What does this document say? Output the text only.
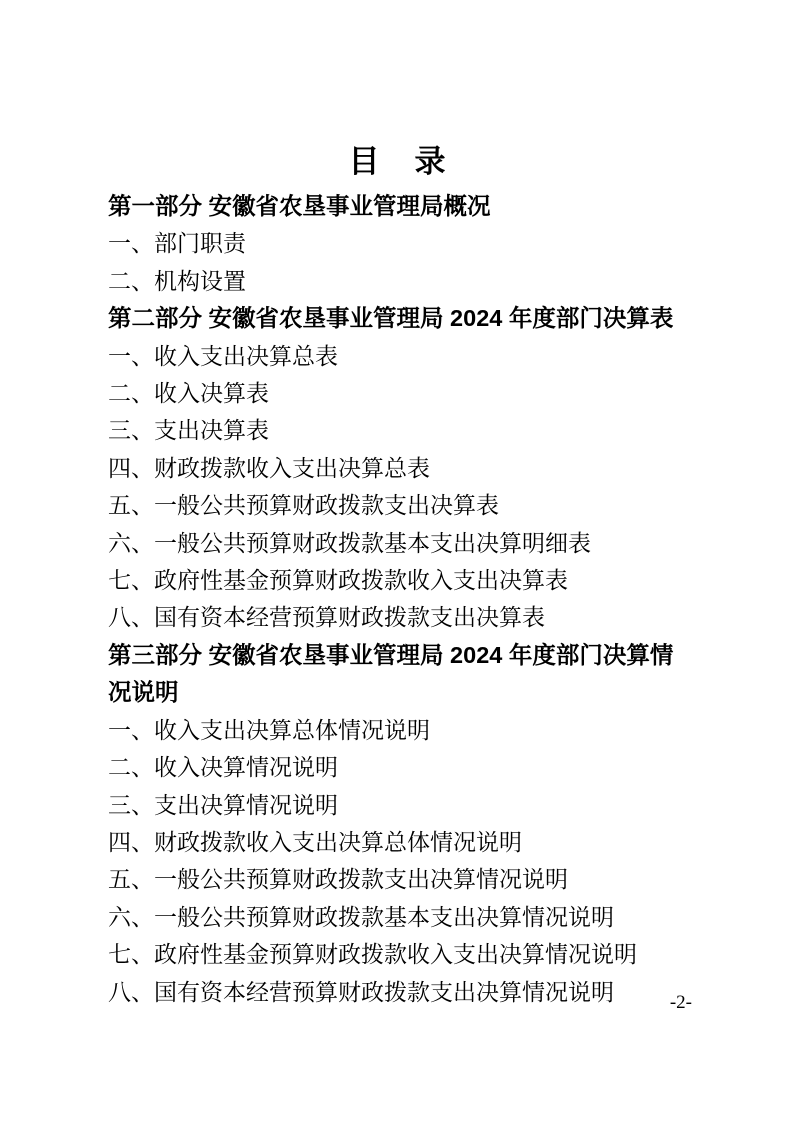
目　录
第一部分 安徽省农垦事业管理局概况
一、部门职责
二、机构设置
第二部分 安徽省农垦事业管理局 2024 年度部门决算表
一、收入支出决算总表
二、收入决算表
三、支出决算表
四、财政拨款收入支出决算总表
五、一般公共预算财政拨款支出决算表
六、一般公共预算财政拨款基本支出决算明细表
七、政府性基金预算财政拨款收入支出决算表
八、国有资本经营预算财政拨款支出决算表
第三部分 安徽省农垦事业管理局 2024 年度部门决算情况说明
一、收入支出决算总体情况说明
二、收入决算情况说明
三、支出决算情况说明
四、财政拨款收入支出决算总体情况说明
五、一般公共预算财政拨款支出决算情况说明
六、一般公共预算财政拨款基本支出决算情况说明
七、政府性基金预算财政拨款收入支出决算情况说明
八、国有资本经营预算财政拨款支出决算情况说明	-2-
